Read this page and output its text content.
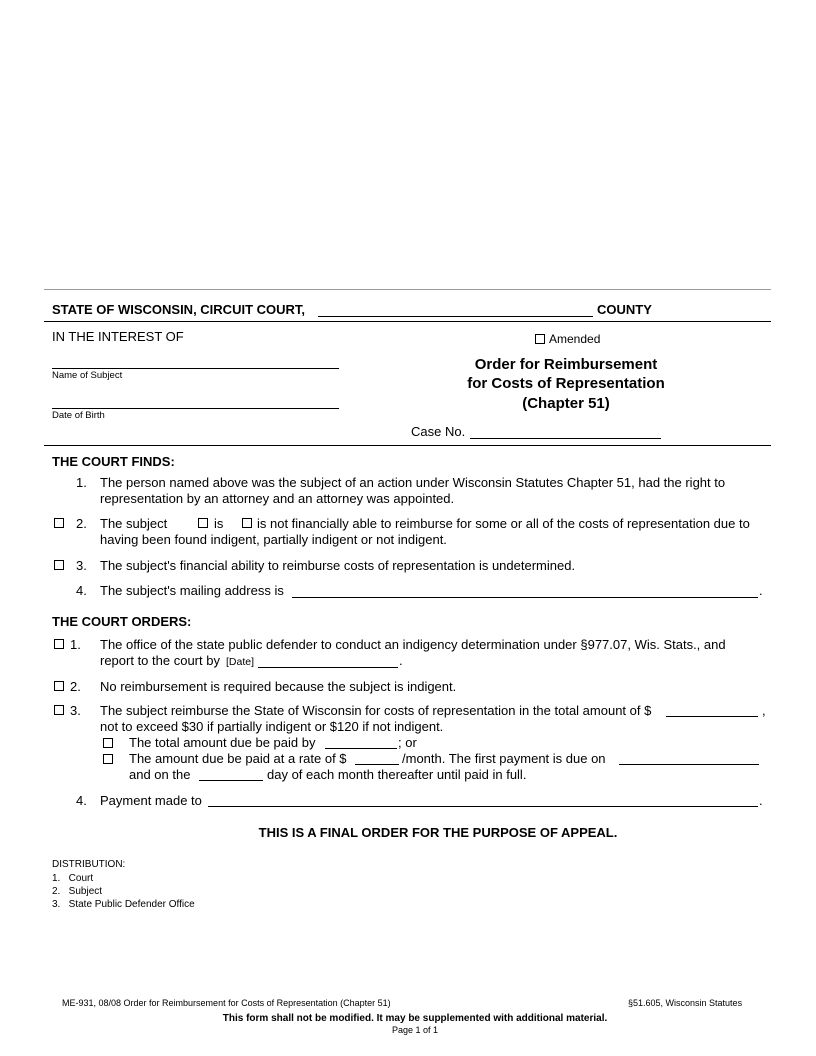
STATE OF WISCONSIN, CIRCUIT COURT,	COUNTY
IN THE INTEREST OF	Amended
Name of Subject
Date of Birth
Order for Reimbursement
for Costs of Representation
(Chapter 51)
Case No.
THE COURT FINDS:
1. The person named above was the subject of an action under Wisconsin Statutes Chapter 51, had the right to
representation by an attorney and an attorney was appointed.
2. The subject	is	is not financially able to reimburse for some or all of the costs of representation due to
having been found indigent, partially indigent or not indigent.
3. The subject's financial ability to reimburse costs of representation is undetermined.
4. The subject's mailing address is	.
THE COURT ORDERS:
1. The office of the state public defender to conduct an indigency determination under §977.07, Wis. Stats., and
report to the court by [Date]	.
2. No reimbursement is required because the subject is indigent.
3. The subject reimburse the State of Wisconsin for costs of representation in the total amount of $	,
not to exceed $30 if partially indigent or $120 if not indigent.
The total amount due be paid by	; or
The amount due be paid at a rate of $	/month. The first payment is due on
and on the	day of each month thereafter until paid in full.
4. Payment made to	.
THIS IS A FINAL ORDER FOR THE PURPOSE OF APPEAL.
DISTRIBUTION:
1.   Court
2.   Subject
3.   State Public Defender Office
ME-931, 08/08 Order for Reimbursement for Costs of Representation (Chapter 51)	§51.605, Wisconsin Statutes
This form shall not be modified. It may be supplemented with additional material.
Page 1 of 1
